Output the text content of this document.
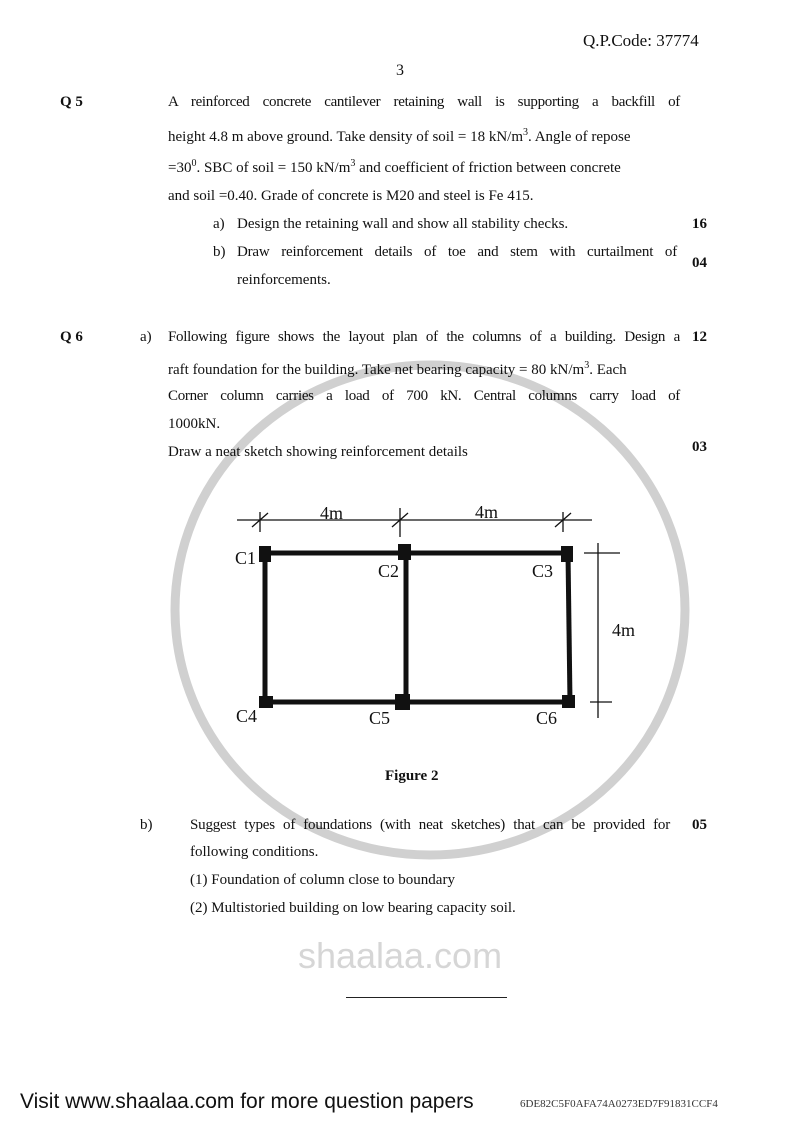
shaalaa.com
Q.P.Code: 37774
3
Q 5	A reinforced concrete cantilever retaining wall is supporting a backfill of
height 4.8 m above ground. Take density of soil = 18 $kN/m^3$. Angle of repose
$=30^0$. SBC of soil = 150 $kN/m^3$ and coefficient of friction between concrete
and soil =0.40. Grade of concrete is M20 and steel is Fe 415.
a) Design the retaining wall and show all stability checks.	16
b) Draw reinforcement details of toe and stem with curtailment of
reinforcements.
04
Q 6	a)	12
Following figure shows the layout plan of the columns of a building. Design a
raft foundation for the building. Take net bearing capacity = 80 $kN/m^3$. Each
Corner column carries a load of 700 kN. Central columns carry load of
1000kN.
Draw a neat sketch showing reinforcement details	03
4m	4m
4m
C1
C2	C3
C4	C5	C6
Figure 2
b)	05
Suggest types of foundations (with neat sketches) that can be provided for
following conditions.
(1) Foundation of column close to boundary
(2) Multistoried building on low bearing capacity soil.
Visit www.shaalaa.com for more question papers	6DE82C5F0AFA74A0273ED7F91831CCF4
